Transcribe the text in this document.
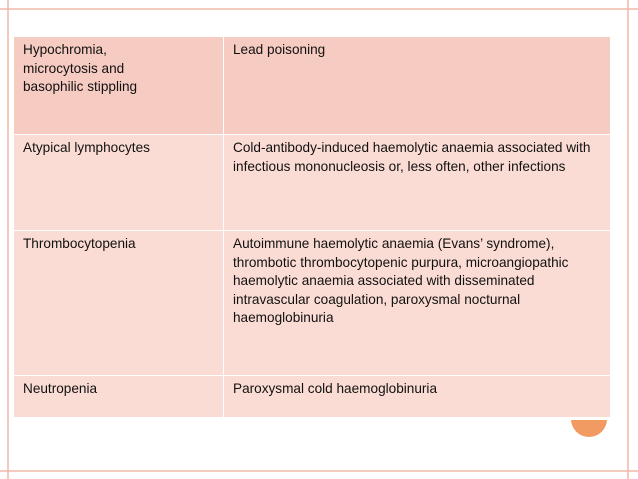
Hypochromia,
microcytosis and
basophilic stippling	Lead poisoning
Atypical lymphocytes	Cold-antibody-induced haemolytic anaemia associated with infectious mononucleosis or, less often, other infections
Thrombocytopenia	Autoimmune haemolytic anaemia (Evans’ syndrome), thrombotic thrombocytopenic purpura, microangiopathic haemolytic anaemia associated with disseminated intravascular coagulation, paroxysmal nocturnal haemoglobinuria
Neutropenia	Paroxysmal cold haemoglobinuria
